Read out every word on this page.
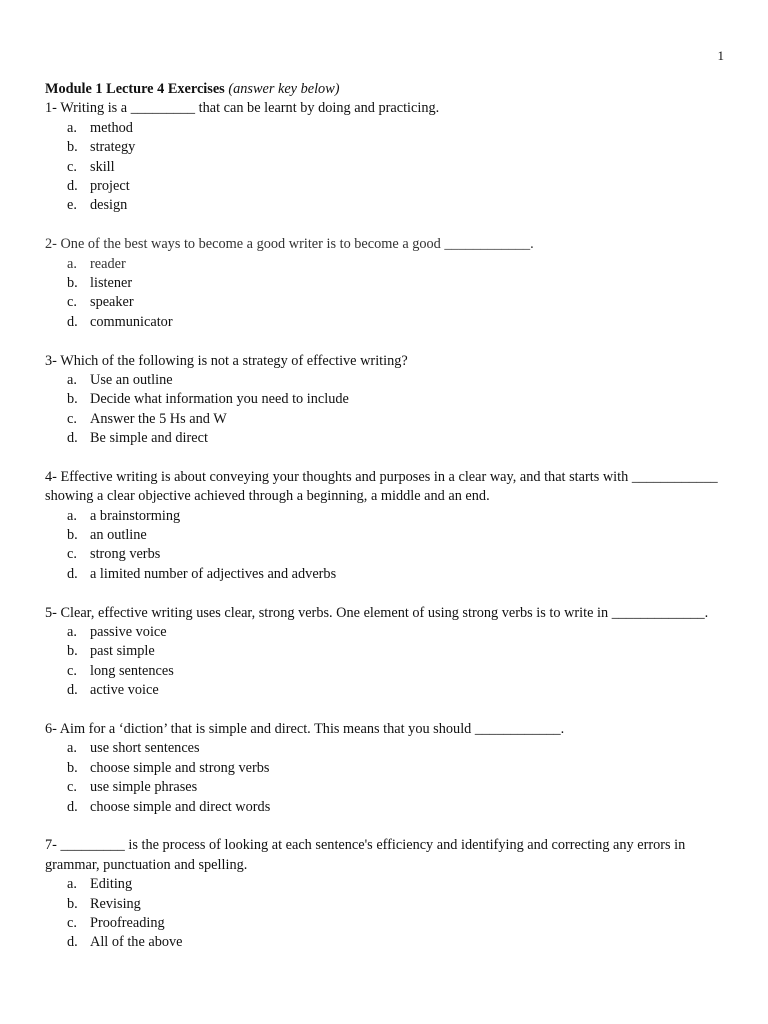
1

Module 1 Lecture 4 Exercises (answer key below)

1- Writing is a _________ that can be learnt by doing and practicing.

a. method
b. strategy
c. skill
d. project
e. design

2- One of the best ways to become a good writer is to become a good ____________.

a. reader
b. listener
c. speaker
d. communicator

3- Which of the following is not a strategy of effective writing?

a. Use an outline
b. Decide what information you need to include
c. Answer the 5 Hs and W
d. Be simple and direct

4- Effective writing is about conveying your thoughts and purposes in a clear way, and that starts with ____________ showing a clear objective achieved through a beginning, a middle and an end.

a. a brainstorming
b. an outline
c. strong verbs
d. a limited number of adjectives and adverbs

5- Clear, effective writing uses clear, strong verbs. One element of using strong verbs is to write in _____________.

a. passive voice
b. past simple
c. long sentences
d. active voice

6- Aim for a ‘diction’ that is simple and direct. This means that you should ____________.

a. use short sentences
b. choose simple and strong verbs
c. use simple phrases
d. choose simple and direct words

7- _________ is the process of looking at each sentence's efficiency and identifying and correcting any errors in grammar, punctuation and spelling.

a. Editing
b. Revising
c. Proofreading
d. All of the above
